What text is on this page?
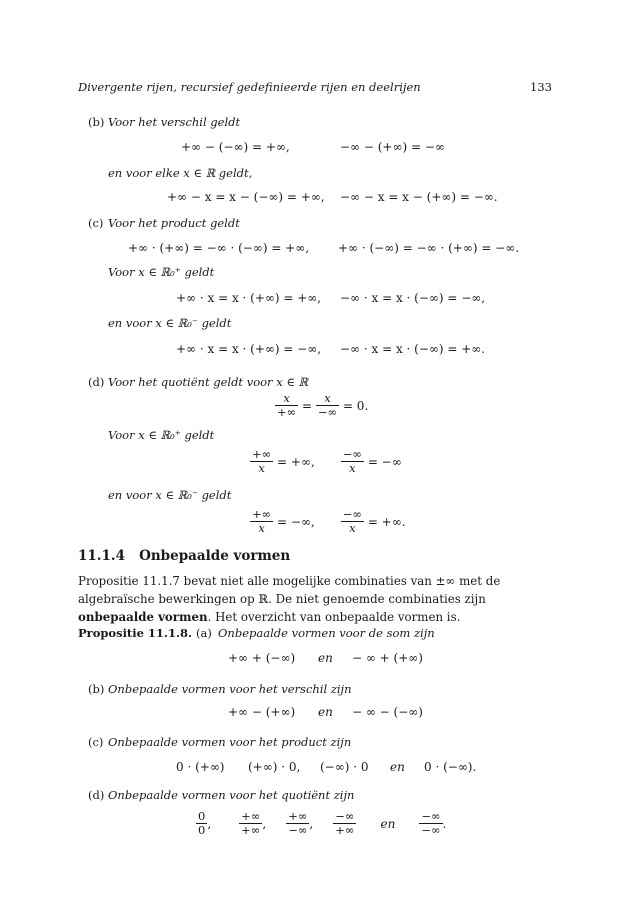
Divergente rijen, recursief gedefinieerde rijen en deelrijen	133
(b) Voor het verschil geldt
+∞ − (−∞) = +∞,	−∞ − (+∞) = −∞
en voor elke x ∈ ℝ geldt,
+∞ − x = x − (−∞) = +∞, −∞ − x = x − (+∞) = −∞.
(c) Voor het product geldt
+∞ · (+∞) = −∞ · (−∞) = +∞, +∞ · (−∞) = −∞ · (+∞) = −∞.
Voor x ∈ ℝ₀⁺ geldt
+∞ · x = x · (+∞) = +∞, −∞ · x = x · (−∞) = −∞,
en voor x ∈ ℝ₀⁻ geldt
+∞ · x = x · (+∞) = −∞, −∞ · x = x · (−∞) = +∞.
(d) Voor het quotiënt geldt voor x ∈ ℝ
$\frac{x}{+\infty} = \frac{x}{-\infty} = 0$.
Voor x ∈ ℝ₀⁺ geldt
$\frac{+\infty}{x}$ = +∞, $\frac{-\infty}{x}$ = −∞
en voor x ∈ ℝ₀⁻ geldt
$\frac{+\infty}{x}$ = −∞, $\frac{-\infty}{x}$ = +∞.
11.1.4 Onbepaalde vormen
Propositie 11.1.7 bevat niet alle mogelijke combinaties van ±∞ met de algebraïsche bewerkingen op ℝ. De niet genoemde combinaties zijn onbepaalde vormen. Het overzicht van onbepaalde vormen is.
Propositie 11.1.8. (a) Onbepaalde vormen voor de som zijn
+∞ + (−∞) en − ∞ + (+∞)
(b) Onbepaalde vormen voor het verschil zijn
+∞ − (+∞) en − ∞ − (−∞)
(c) Onbepaalde vormen voor het product zijn
0 · (+∞) (+∞) · 0, (−∞) · 0 en 0 · (−∞).
(d) Onbepaalde vormen voor het quotiënt zijn
$\frac{0}{0}$ , $\frac{+\infty}{+\infty}$ , $\frac{+\infty}{-\infty}$ , $\frac{-\infty}{+\infty}$ en $\frac{-\infty}{-\infty}$ .
